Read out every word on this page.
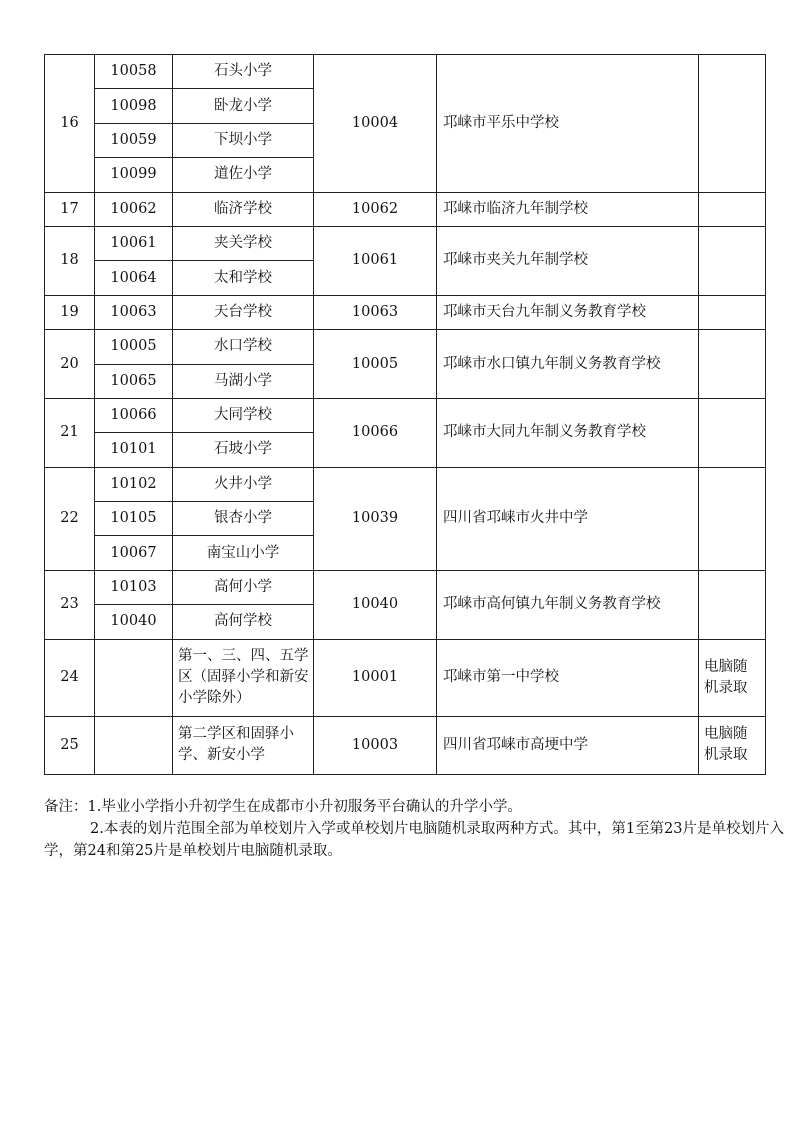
16	10058	石头小学	10004	邛崃市平乐中学校	
	10098	卧龙小学			
	10059	下坝小学			
	10099	道佐小学			
17	10062	临济学校	10062	邛崃市临济九年制学校	
18	10061	夹关学校	10061	邛崃市夹关九年制学校	
	10064	太和学校			
19	10063	天台学校	10063	邛崃市天台九年制义务教育学校	
20	10005	水口学校	10005	邛崃市水口镇九年制义务教育学校	
	10065	马湖小学			
21	10066	大同学校	10066	邛崃市大同九年制义务教育学校	
	10101	石坡小学			
22	10102	火井小学	10039	四川省邛崃市火井中学	
	10105	银杏小学			
	10067	南宝山小学			
23	10103	高何小学	10040	邛崃市高何镇九年制义务教育学校	
	10040	高何学校			
24		第一、三、四、五学区（固驿小学和新安小学除外）	10001	邛崃市第一中学校	电脑随机录取
25		第二学区和固驿小学、新安小学	10003	四川省邛崃市高埂中学	电脑随机录取

备注：1.毕业小学指小升初学生在成都市小升初服务平台确认的升学小学。

2.本表的划片范围全部为单校划片入学或单校划片电脑随机录取两种方式。其中，第1至第23片是单校划片入学，第24和第25片是单校划片电脑随机录取。
